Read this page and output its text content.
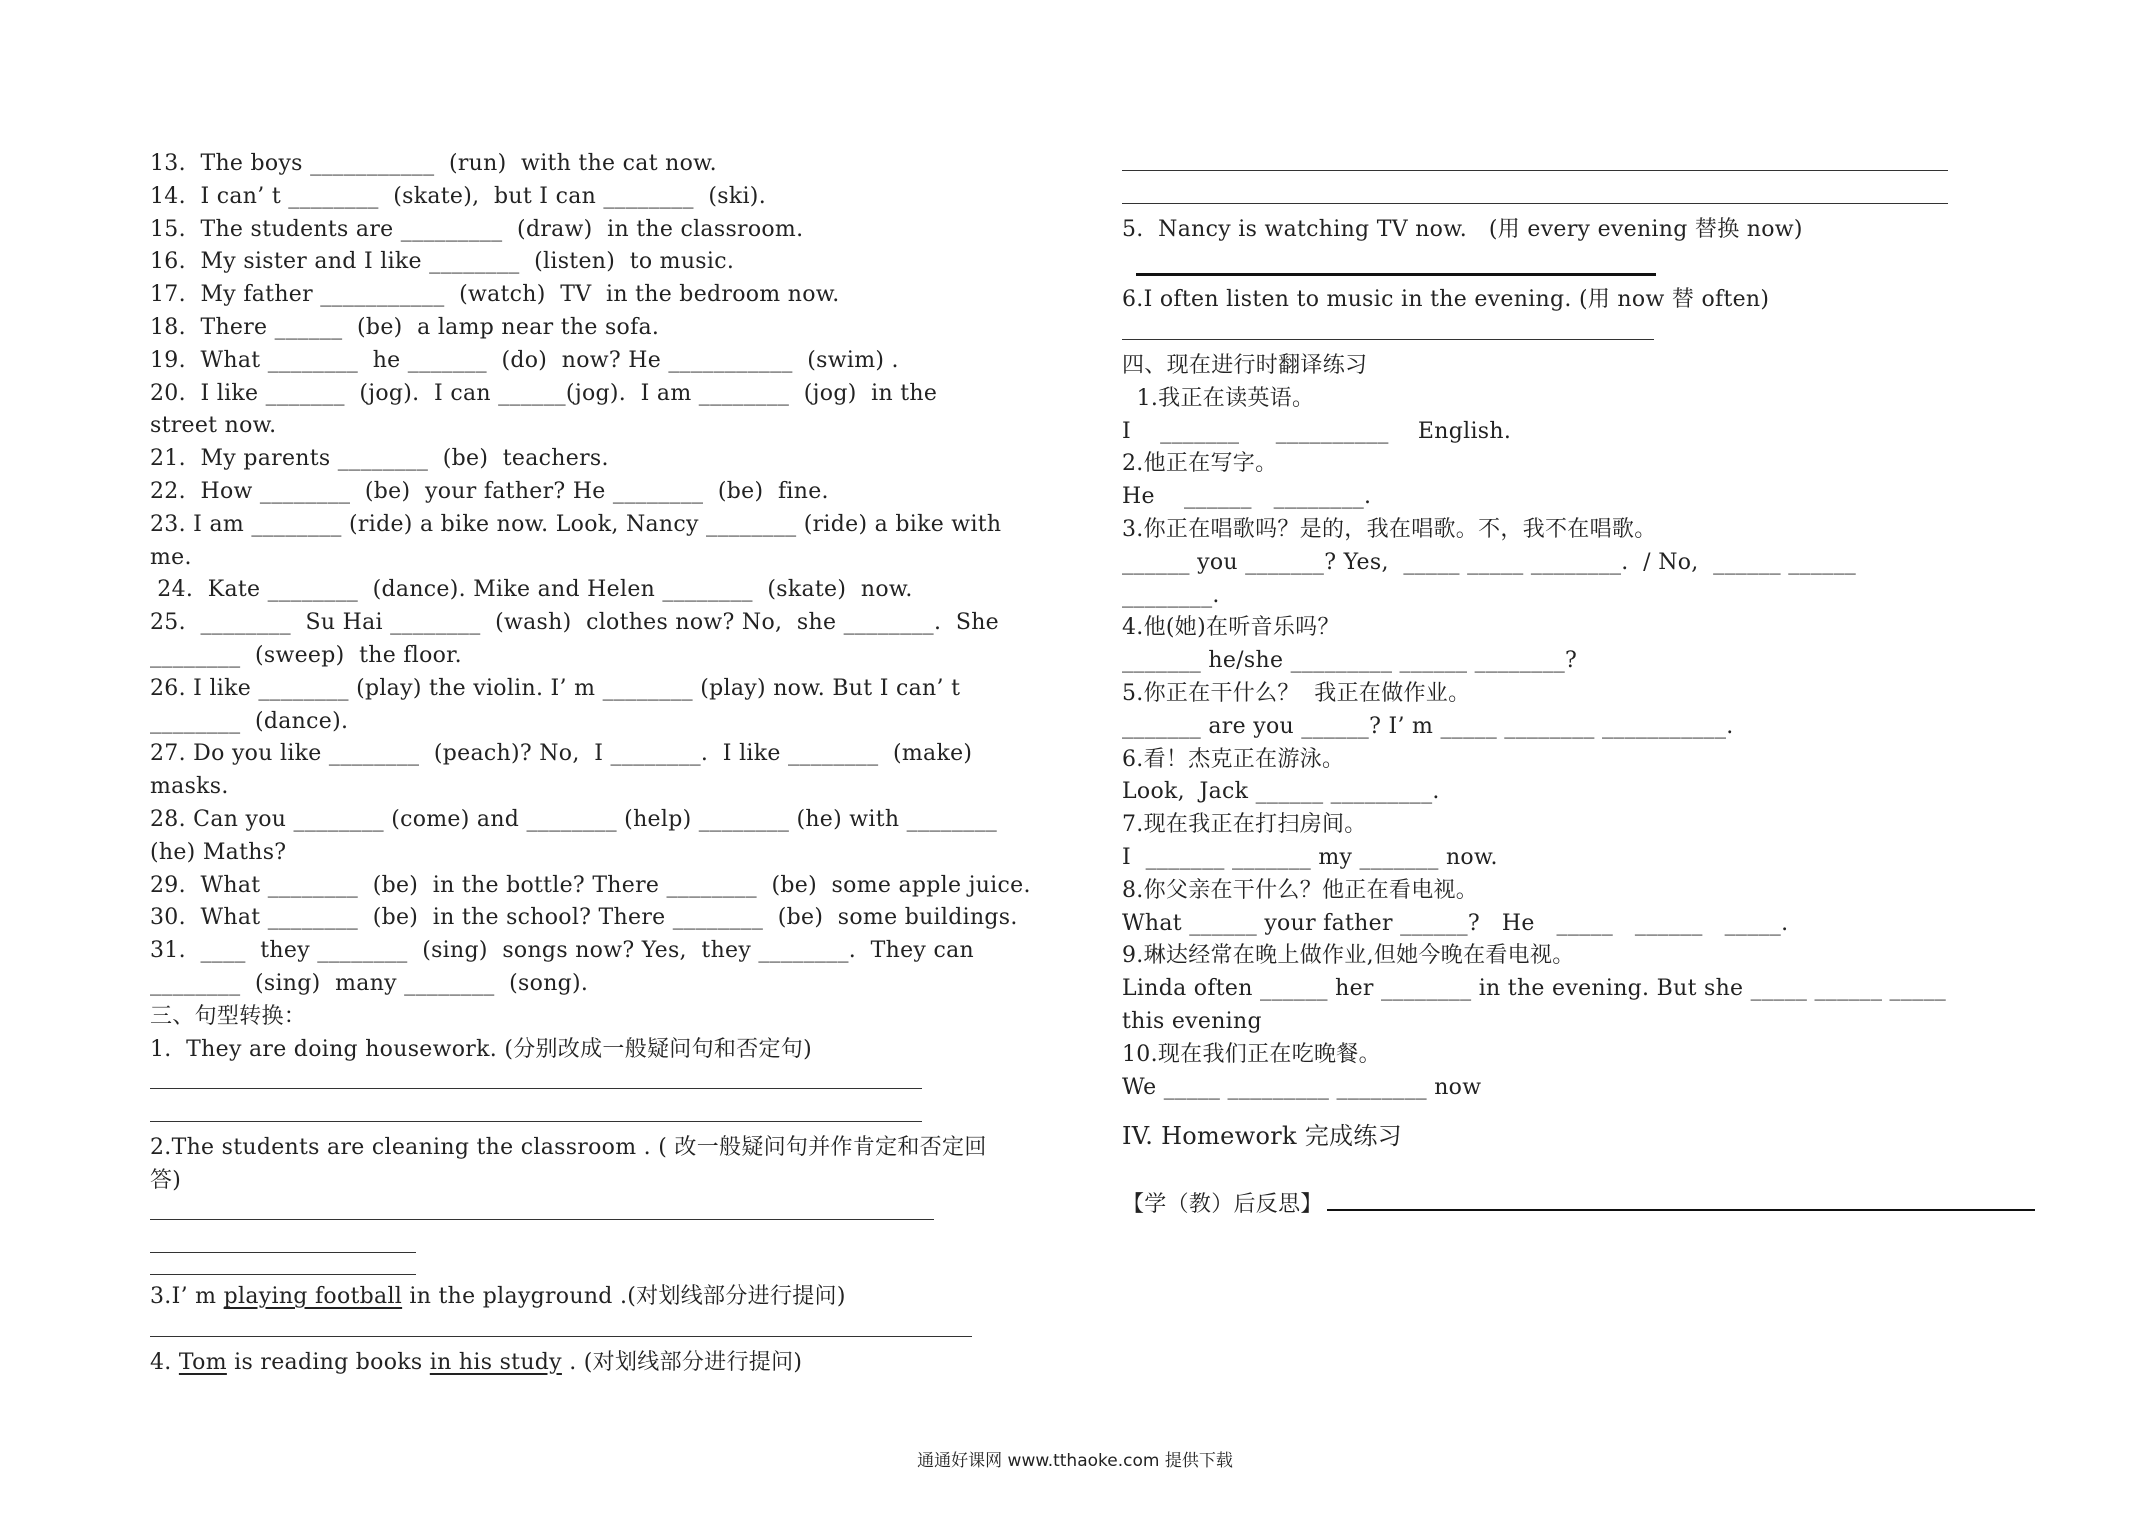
13.  The boys ___________  (run)  with the cat now.
14.  I can’ t ________  (skate),  but I can ________  (ski).
15.  The students are _________  (draw)  in the classroom.
16.  My sister and I like ________  (listen)  to music.
17.  My father ___________  (watch)  TV  in the bedroom now.
18.  There ______  (be)  a lamp near the sofa.
19.  What ________  he _______  (do)  now? He ___________  (swim) .
20.  I like _______  (jog).  I can ______(jog).  I am ________  (jog)  in the
street now.
21.  My parents ________  (be)  teachers.
22.  How ________  (be)  your father? He ________  (be)  fine.
23. I am ________ (ride) a bike now. Look, Nancy ________ (ride) a bike with
me.
24.  Kate ________  (dance). Mike and Helen ________  (skate)  now.
25.  ________  Su Hai ________  (wash)  clothes now? No,  she ________.  She
________  (sweep)  the floor.
26. I like ________ (play) the violin. I’ m ________ (play) now. But I can’ t
________  (dance).
27. Do you like ________  (peach)? No,  I ________.  I like ________  (make)
masks.
28. Can you ________ (come) and ________ (help) ________ (he) with ________
(he) Maths?
29.  What ________  (be)  in the bottle? There ________  (be)  some apple juice.
30.  What ________  (be)  in the school? There ________  (be)  some buildings.
31.  ____  they ________  (sing)  songs now? Yes,  they ________.  They can
________  (sing)  many ________  (song).
三、句型转换：
1.  They are doing housework. (分别改成一般疑问句和否定句)
2.The students are cleaning the classroom . ( 改一般疑问句并作肯定和否定回
答)
3.I’ m playing football in the playground .(对划线部分进行提问)
4. Tom is reading books in his study . (对划线部分进行提问)
5.  Nancy is watching TV now.   (用 every evening 替换 now)
6.I often listen to music in the evening. (用 now 替 often)
四、现在进行时翻译练习
1.我正在读英语。
I    _______     __________    English.
2.他正在写字。
He    ______   ________.
3.你正在唱歌吗？是的，我在唱歌。不，我不在唱歌。
______ you _______? Yes,  _____ _____ ________.  / No,  ______ ______
________.
4.他(她)在听音乐吗？
_______ he/she _________ ______ ________?
5.你正在干什么？  我正在做作业。
_______ are you ______? I’ m _____ ________ ___________.
6.看！杰克正在游泳。
Look,  Jack ______ _________.
7.现在我正在打扫房间。
I  _______ _______ my _______ now.
8.你父亲在干什么？他正在看电视。
What ______ your father ______?   He   _____   ______   _____.
9.琳达经常在晚上做作业,但她今晚在看电视。
Linda often ______ her ________ in the evening. But she _____ ______ _____
this evening
10.现在我们正在吃晚餐。
We _____ _________ ________ now
IV. Homework 完成练习
【学（教）后反思】
通通好课网 www.tthaoke.com 提供下载
